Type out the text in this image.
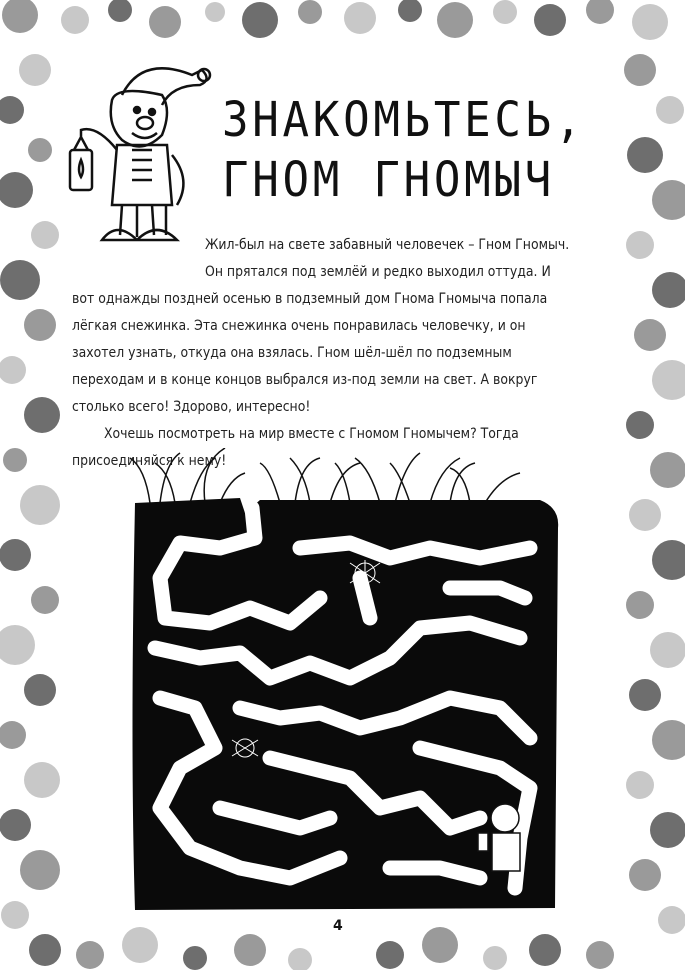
ЗНАКОМЬТЕСЬ,
ГНОМ ГНОМЫЧ
Жил-был на свете забавный человечек – Гном Гномыч.
Он прятался под землёй и редко выходил оттуда. И
вот однажды поздней осенью в подземный дом Гнома Гномыча попала
лёгкая снежинка. Эта снежинка очень понравилась человечку, и он
захотел узнать, откуда она взялась. Гном шёл-шёл по подземным
переходам и в конце концов выбрался из-под земли на свет. А вокруг
столько всего! Здорово, интересно!
Хочешь посмотреть на мир вместе с Гномом Гномычем? Тогда
присоединяйся к нему!
4
